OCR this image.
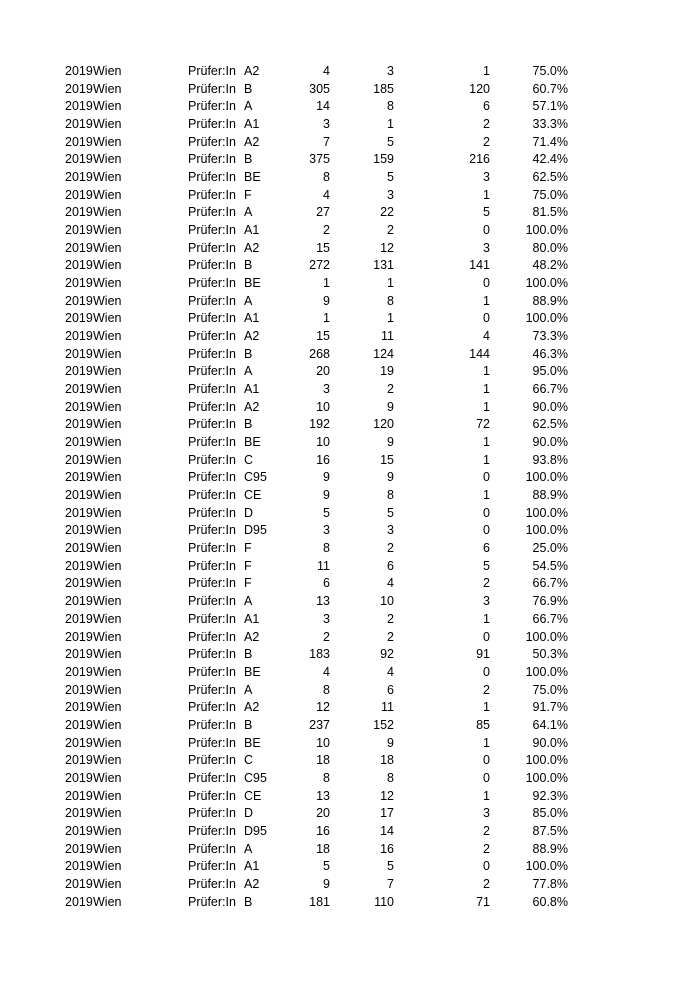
2019 Wien	Prüfer:In A2	4	3	1	75.0%
2019 Wien	Prüfer:In B	305	185	120	60.7%
2019 Wien	Prüfer:In A	14	8	6	57.1%
2019 Wien	Prüfer:In A1	3	1	2	33.3%
2019 Wien	Prüfer:In A2	7	5	2	71.4%
2019 Wien	Prüfer:In B	375	159	216	42.4%
2019 Wien	Prüfer:In BE	8	5	3	62.5%
2019 Wien	Prüfer:In F	4	3	1	75.0%
2019 Wien	Prüfer:In A	27	22	5	81.5%
2019 Wien	Prüfer:In A1	2	2	0	100.0%
2019 Wien	Prüfer:In A2	15	12	3	80.0%
2019 Wien	Prüfer:In B	272	131	141	48.2%
2019 Wien	Prüfer:In BE	1	1	0	100.0%
2019 Wien	Prüfer:In A	9	8	1	88.9%
2019 Wien	Prüfer:In A1	1	1	0	100.0%
2019 Wien	Prüfer:In A2	15	11	4	73.3%
2019 Wien	Prüfer:In B	268	124	144	46.3%
2019 Wien	Prüfer:In A	20	19	1	95.0%
2019 Wien	Prüfer:In A1	3	2	1	66.7%
2019 Wien	Prüfer:In A2	10	9	1	90.0%
2019 Wien	Prüfer:In B	192	120	72	62.5%
2019 Wien	Prüfer:In BE	10	9	1	90.0%
2019 Wien	Prüfer:In C	16	15	1	93.8%
2019 Wien	Prüfer:In C95	9	9	0	100.0%
2019 Wien	Prüfer:In CE	9	8	1	88.9%
2019 Wien	Prüfer:In D	5	5	0	100.0%
2019 Wien	Prüfer:In D95	3	3	0	100.0%
2019 Wien	Prüfer:In F	8	2	6	25.0%
2019 Wien	Prüfer:In F	11	6	5	54.5%
2019 Wien	Prüfer:In F	6	4	2	66.7%
2019 Wien	Prüfer:In A	13	10	3	76.9%
2019 Wien	Prüfer:In A1	3	2	1	66.7%
2019 Wien	Prüfer:In A2	2	2	0	100.0%
2019 Wien	Prüfer:In B	183	92	91	50.3%
2019 Wien	Prüfer:In BE	4	4	0	100.0%
2019 Wien	Prüfer:In A	8	6	2	75.0%
2019 Wien	Prüfer:In A2	12	11	1	91.7%
2019 Wien	Prüfer:In B	237	152	85	64.1%
2019 Wien	Prüfer:In BE	10	9	1	90.0%
2019 Wien	Prüfer:In C	18	18	0	100.0%
2019 Wien	Prüfer:In C95	8	8	0	100.0%
2019 Wien	Prüfer:In CE	13	12	1	92.3%
2019 Wien	Prüfer:In D	20	17	3	85.0%
2019 Wien	Prüfer:In D95	16	14	2	87.5%
2019 Wien	Prüfer:In A	18	16	2	88.9%
2019 Wien	Prüfer:In A1	5	5	0	100.0%
2019 Wien	Prüfer:In A2	9	7	2	77.8%
2019 Wien	Prüfer:In B	181	110	71	60.8%
